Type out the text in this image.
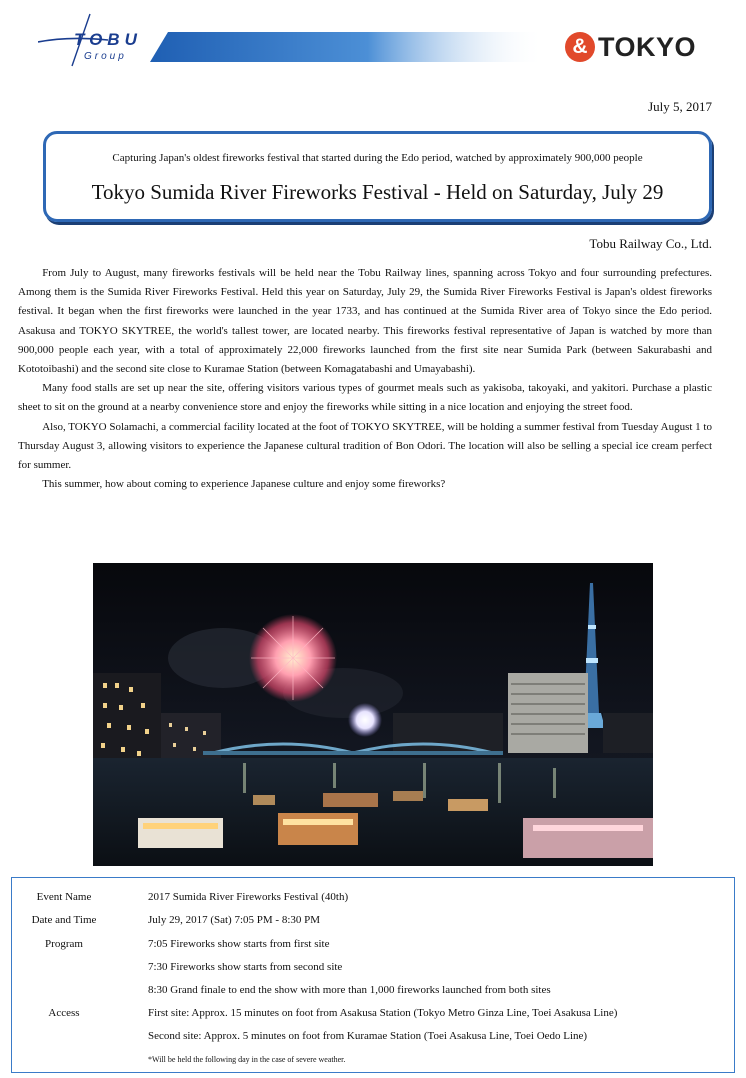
TOBU
Group	& TOKYO
July 5, 2017
Capturing Japan's oldest fireworks festival that started during the Edo period, watched by approximately 900,000 people
Tokyo Sumida River Fireworks Festival - Held on Saturday, July 29
Tobu Railway Co., Ltd.

From July to August, many fireworks festivals will be held near the Tobu Railway lines, spanning across Tokyo and four surrounding prefectures. Among them is the Sumida River Fireworks Festival. Held this year on Saturday, July 29, the Sumida River Fireworks Festival is Japan's oldest fireworks festival. It began when the first fireworks were launched in the year 1733, and has continued at the Sumida River area of Tokyo since the Edo period. Asakusa and TOKYO SKYTREE, the world's tallest tower, are located nearby. This fireworks festival representative of Japan is watched by more than 900,000 people each year, with a total of approximately 22,000 fireworks launched from the first site near Sumida Park (between Sakurabashi and Kototoibashi) and the second site close to Kuramae Station (between Komagatabashi and Umayabashi).

Many food stalls are set up near the site, offering visitors various types of gourmet meals such as yakisoba, takoyaki, and yakitori. Purchase a plastic sheet to sit on the ground at a nearby convenience store and enjoy the fireworks while sitting in a nice location and enjoying the street food.

Also, TOKYO Solamachi, a commercial facility located at the foot of TOKYO SKYTREE, will be holding a summer festival from Tuesday August 1 to Thursday August 3, allowing visitors to experience the Japanese cultural tradition of Bon Odori. The location will also be selling a special ice cream perfect for summer.

This summer, how about coming to experience Japanese culture and enjoy some fireworks?

Event Name	2017 Sumida River Fireworks Festival (40th)
Date and Time	July 29, 2017 (Sat) 7:05 PM - 8:30 PM
Program	7:05 Fireworks show starts from first site
7:30 Fireworks show starts from second site
8:30 Grand finale to end the show with more than 1,000 fireworks launched from both sites
Access	First site: Approx. 15 minutes on foot from Asakusa Station (Tokyo Metro Ginza Line, Toei Asakusa Line)
Second site: Approx. 5 minutes on foot from Kuramae Station (Toei Asakusa Line, Toei Oedo Line)
*Will be held the following day in the case of severe weather.
